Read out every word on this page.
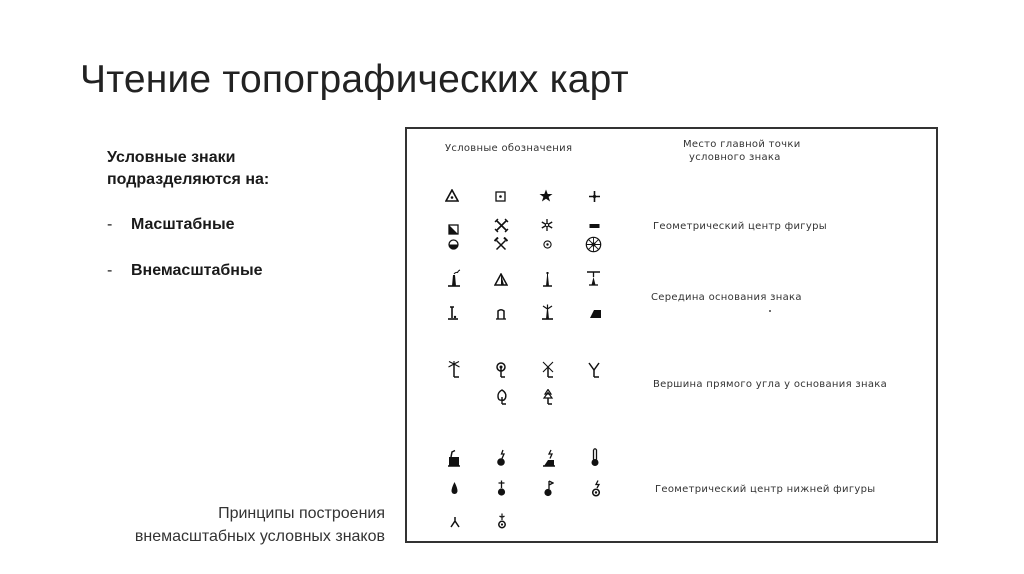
Чтение топографических карт
Условные знаки подразделяются на:
- Масштабные
- Внемасштабные
Принципы построения
внемасштабных условных знаков
Условные обозначения	Место главной точки
условного знака
Геометрический центр фигуры
Середина основания знака
Вершина прямого угла у основания знака
Геометрический центр нижней фигуры
